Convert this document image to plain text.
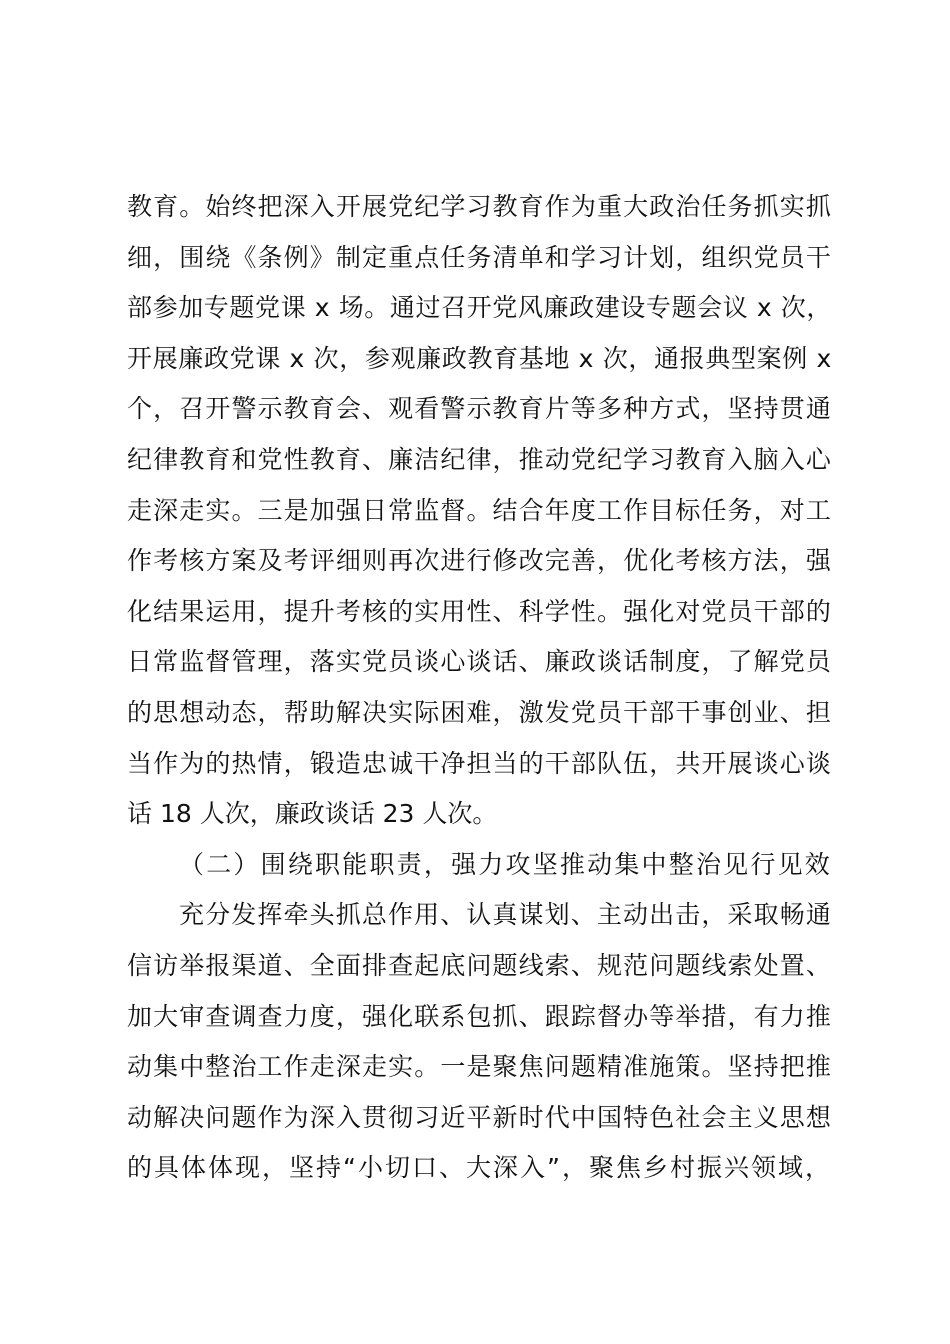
教育。始终把深入开展党纪学习教育作为重大政治任务抓实抓
细，围绕《条例》制定重点任务清单和学习计划，组织党员干
部参加专题党课 x 场。通过召开党风廉政建设专题会议 x 次，
开展廉政党课 x 次，参观廉政教育基地 x 次，通报典型案例 x
个，召开警示教育会、观看警示教育片等多种方式，坚持贯通
纪律教育和党性教育、廉洁纪律，推动党纪学习教育入脑入心
走深走实。三是加强日常监督。结合年度工作目标任务，对工
作考核方案及考评细则再次进行修改完善，优化考核方法，强
化结果运用，提升考核的实用性、科学性。强化对党员干部的
日常监督管理，落实党员谈心谈话、廉政谈话制度，了解党员
的思想动态，帮助解决实际困难，激发党员干部干事创业、担
当作为的热情，锻造忠诚干净担当的干部队伍，共开展谈心谈
话 18 人次，廉政谈话 23 人次。
（二）围绕职能职责，强力攻坚推动集中整治见行见效
充分发挥牵头抓总作用、认真谋划、主动出击，采取畅通
信访举报渠道、全面排查起底问题线索、规范问题线索处置、
加大审查调查力度，强化联系包抓、跟踪督办等举措，有力推
动集中整治工作走深走实。一是聚焦问题精准施策。坚持把推
动解决问题作为深入贯彻习近平新时代中国特色社会主义思想
的具体体现，坚持“小切口、大深入”，聚焦乡村振兴领域，
